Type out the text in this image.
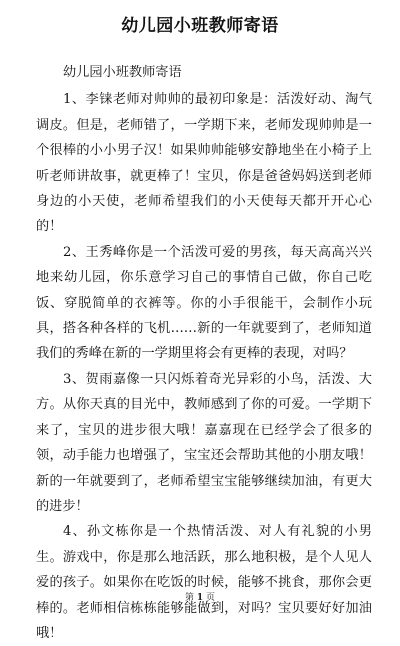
幼儿园小班教师寄语

幼儿园小班教师寄语

1、李铼老师对帅帅的最初印象是：活泼好动、淘气调皮。但是，老师错了，一学期下来，老师发现帅帅是一个很棒的小小男子汉！如果帅帅能够安静地坐在小椅子上听老师讲故事，就更棒了！宝贝，你是爸爸妈妈送到老师身边的小天使，老师希望我们的小天使每天都开开心心的！

2、王秀峰你是一个活泼可爱的男孩，每天高高兴兴地来幼儿园，你乐意学习自己的事情自己做，你自己吃饭、穿脱简单的衣裤等。你的小手很能干，会制作小玩具，搭各种各样的飞机……新的一年就要到了，老师知道我们的秀峰在新的一学期里将会有更棒的表现，对吗？

3、贺雨嘉像一只闪烁着奇光异彩的小鸟，活泼、大方。从你天真的目光中，教师感到了你的可爱。一学期下来了，宝贝的进步很大哦！嘉嘉现在已经学会了很多的领，动手能力也增强了，宝宝还会帮助其他的小朋友哦！新的一年就要到了，老师希望宝宝能够继续加油，有更大的进步！

4、孙文栋你是一个热情活泼、对人有礼貌的小男生。游戏中，你是那么地活跃，那么地积极，是个人见人爱的孩子。如果你在吃饭的时候，能够不挑食，那你会更棒的。老师相信栋栋能够能做到，对吗？宝贝要好好加油哦！

第 1 页
